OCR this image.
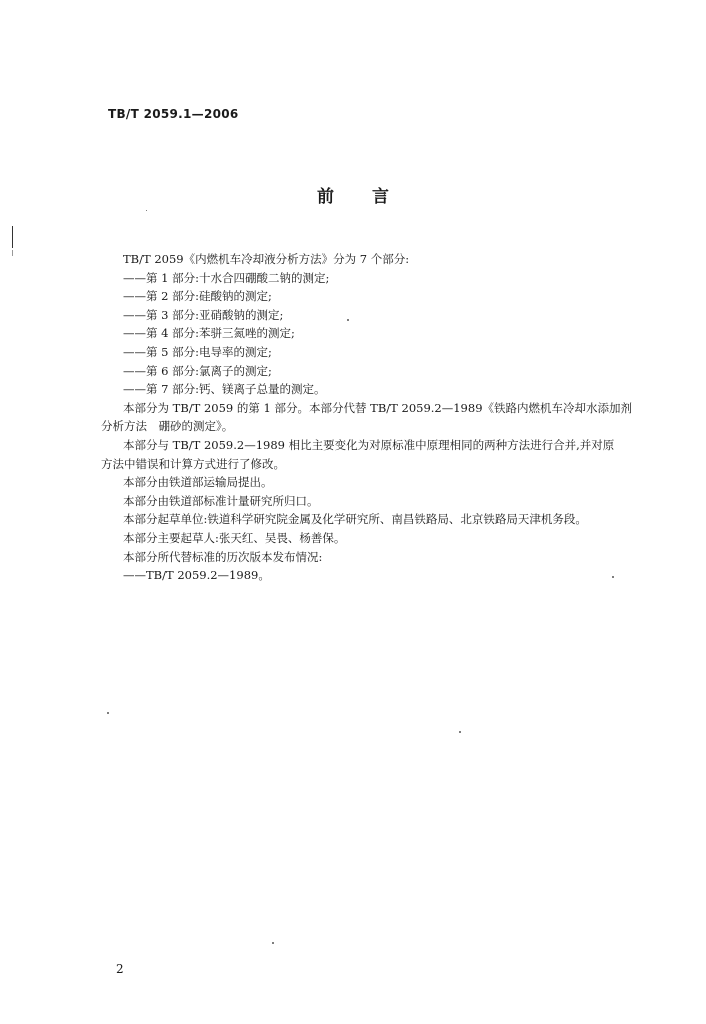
TB/T 2059.1—2006
前言
TB/T 2059《内燃机车冷却液分析方法》分为 7 个部分:
——第 1 部分:十水合四硼酸二钠的测定;
——第 2 部分:硅酸钠的测定;
——第 3 部分:亚硝酸钠的测定;
——第 4 部分:苯骈三氮唑的测定;
——第 5 部分:电导率的测定;
——第 6 部分:氯离子的测定;
——第 7 部分:钙、镁离子总量的测定。
本部分为 TB/T 2059 的第 1 部分。本部分代替 TB/T 2059.2—1989《铁路内燃机车冷却水添加剂
分析方法　硼砂的测定》。
本部分与 TB/T 2059.2—1989 相比主要变化为对原标准中原理相同的两种方法进行合并,并对原
方法中错误和计算方式进行了修改。
本部分由铁道部运输局提出。
本部分由铁道部标准计量研究所归口。
本部分起草单位:铁道科学研究院金属及化学研究所、南昌铁路局、北京铁路局天津机务段。
本部分主要起草人:张天红、吴畏、杨善保。
本部分所代替标准的历次版本发布情况:
——TB/T 2059.2—1989。
2
